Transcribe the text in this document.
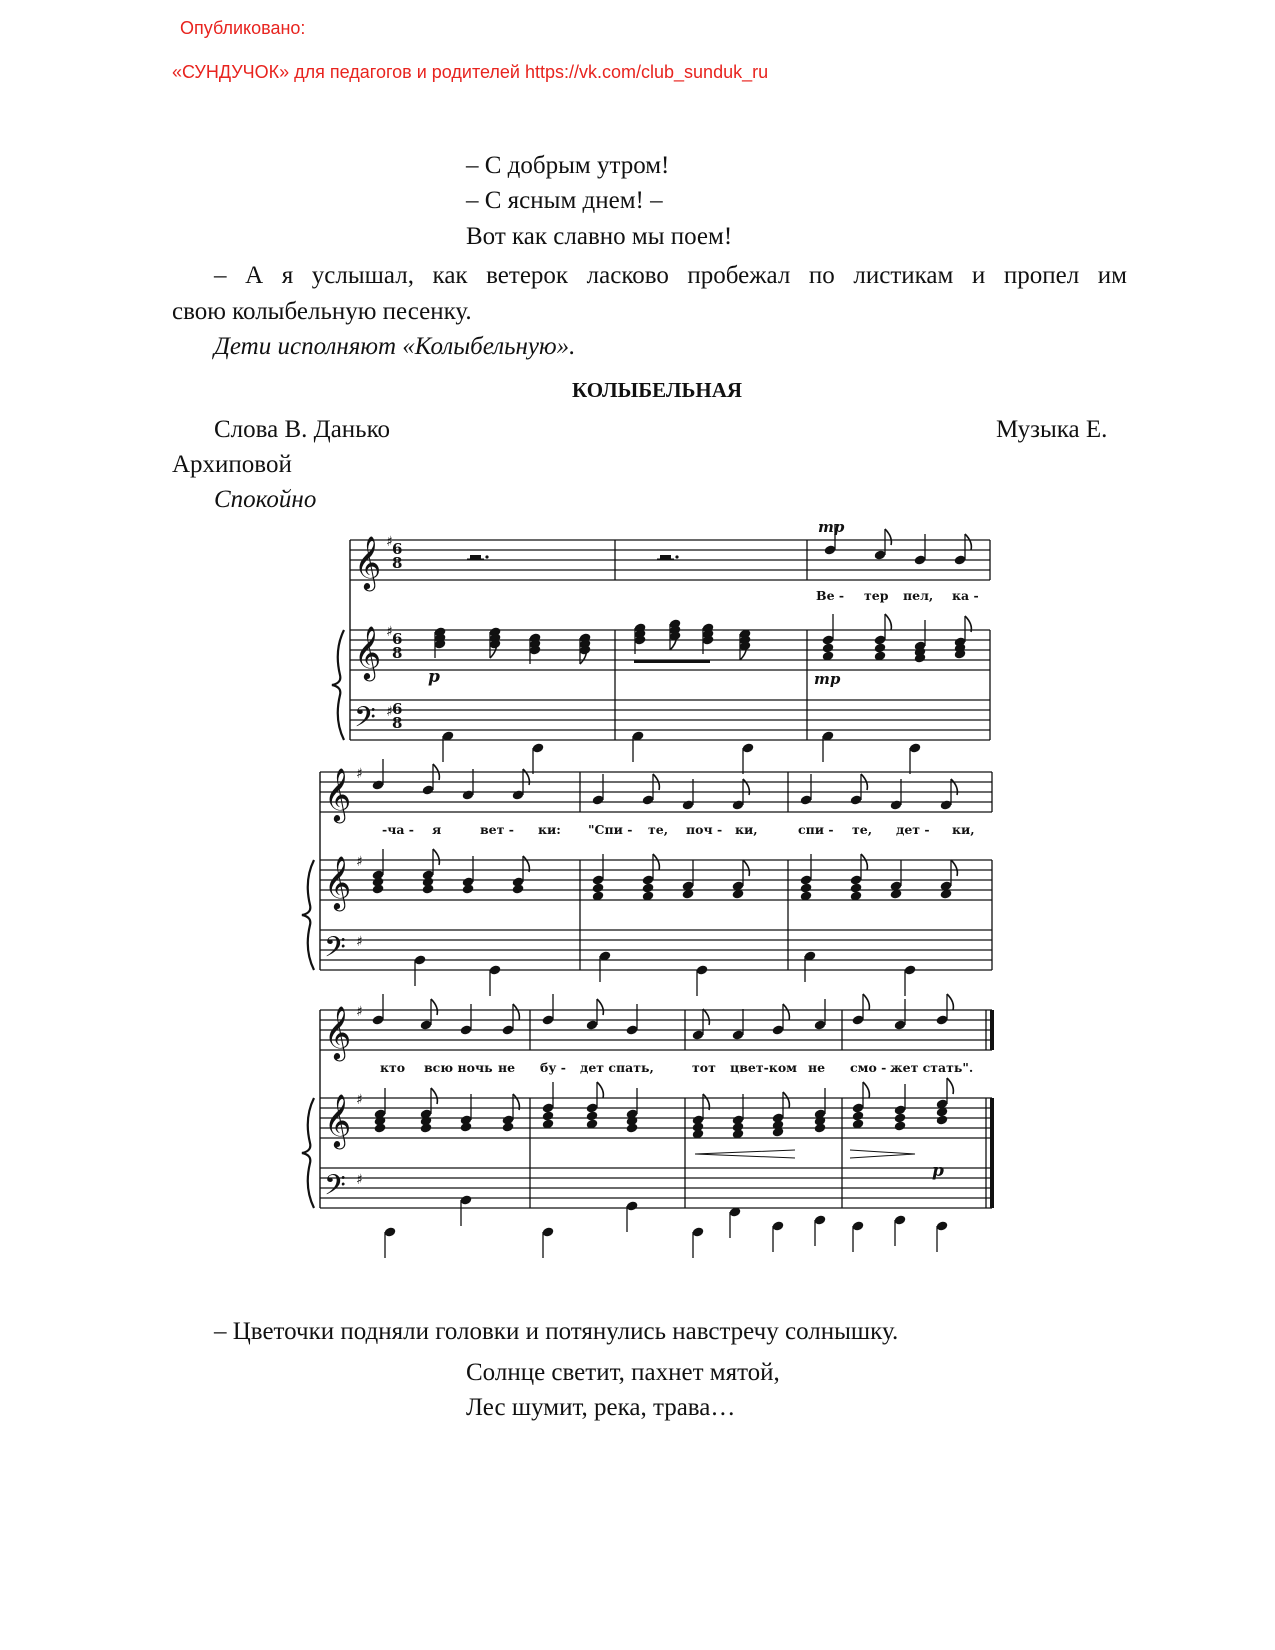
Опубликовано:
«СУНДУЧОК» для педагогов и родителей https://vk.com/club_sunduk_ru
– С добрым утром!
– С ясным днем! –
Вот как славно мы поем!
– А я услышал, как ветерок ласково пробежал по листикам и пропел им
свою колыбельную песенку.
Дети исполняют «Колыбельную».
КОЛЫБЕЛЬНАЯ
Слова В. Данько	Музыка Е.
Архиповой
Спокойно
𝄞
𝄞
𝄢
♯
♯
♯
𝄞
𝄞
𝄢
♯
♯
♯
𝄞
𝄞
𝄢
♯
♯
♯
6
8
6
8
6
8
mp
p	mp
p
Ве - тер пел, ка -
-ча - я	вет - ки: "Спи - те, поч - ки,	спи - те, дет - ки,
кто всю ночь не бу - дет спать,	тот цвет-ком не смо - жет стать".
– Цветочки подняли головки и потянулись навстречу солнышку.
Солнце светит, пахнет мятой,
Лес шумит, река, трава…
